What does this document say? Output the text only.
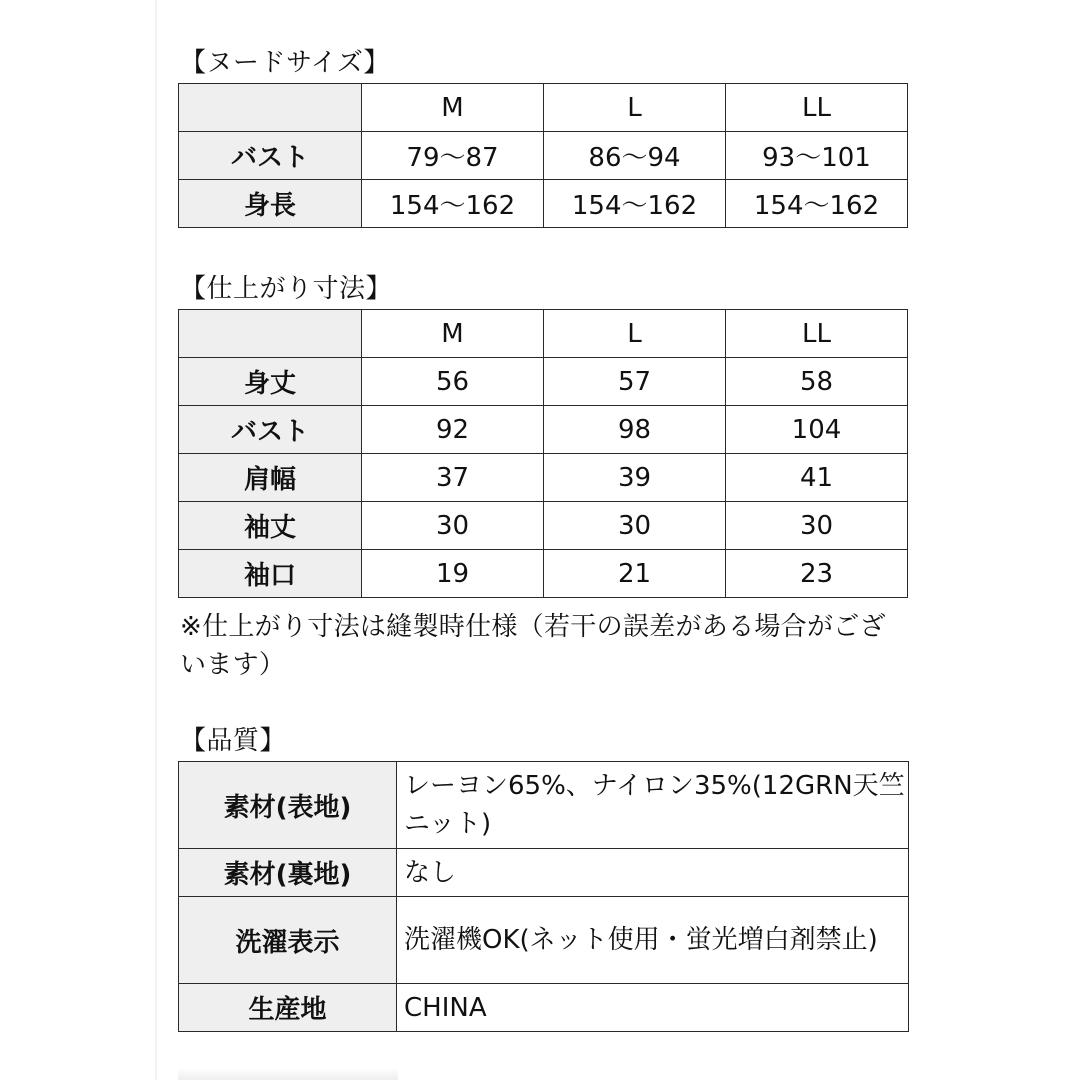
【ヌードサイズ】
	M	L	LL
バスト	79〜87	86〜94	93〜101
身長	154〜162	154〜162	154〜162
【仕上がり寸法】
	M	L	LL
身丈	56	57	58
バスト	92	98	104
肩幅	37	39	41
袖丈	30	30	30
袖口	19	21	23
※仕上がり寸法は縫製時仕様（若干の誤差がある場合がございます）
【品質】
素材(表地)	レーヨン65%、ナイロン35%(12GRN天竺ニット)
素材(裏地)	なし
洗濯表示	洗濯機OK(ネット使用・蛍光増白剤禁止)
生産地	CHINA
